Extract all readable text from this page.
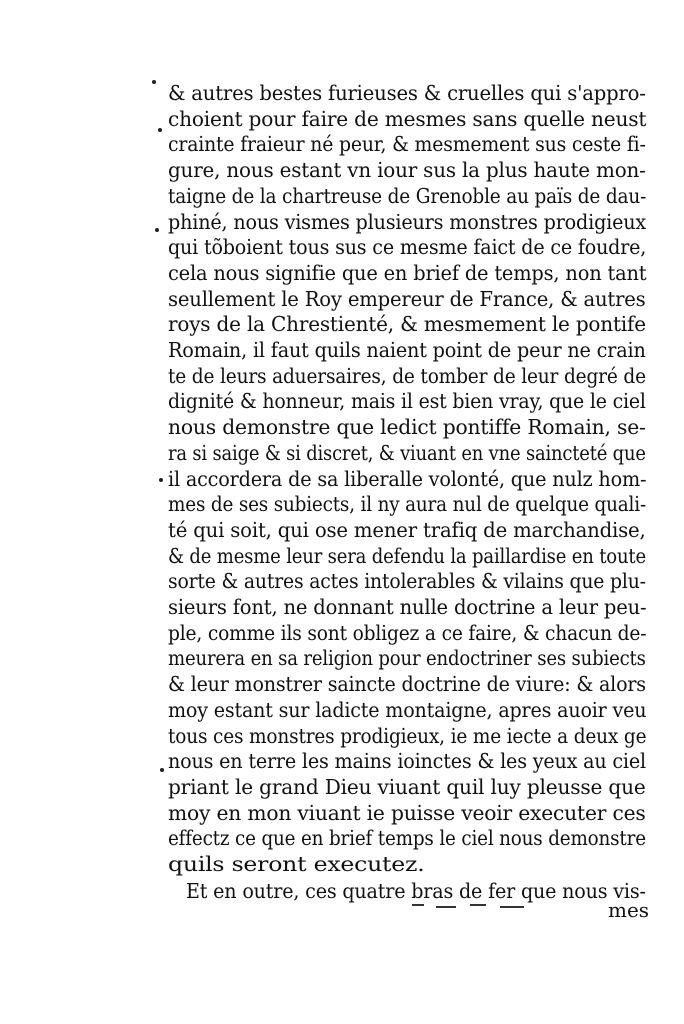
& autres bestes furieuses & cruelles qui s'appro-
choient pour faire de mesmes sans quelle neust
crainte fraieur né peur, & mesmement sus ceste fi-
gure, nous estant vn iour sus la plus haute mon-
taigne de la chartreuse de Grenoble au païs de dau-
phiné, nous vismes plusieurs monstres prodigieux
qui tõboient tous sus ce mesme faict de ce foudre,
cela nous signifie que en brief de temps, non tant
seullement le Roy empereur de France, & autres
roys de la Chrestienté, & mesmement le pontife
Romain, il faut quils naient point de peur ne crain
te de leurs aduersaires, de tomber de leur degré de
dignité & honneur, mais il est bien vray, que le ciel
nous demonstre que ledict pontiffe Romain, se-
ra si saige & si discret, & viuant en vne saincteté que
il accordera de sa liberalle volonté, que nulz hom-
mes de ses subiects, il ny aura nul de quelque quali-
té qui soit, qui ose mener trafiq de marchandise,
& de mesme leur sera defendu la paillardise en toute
sorte & autres actes intolerables & vilains que plu-
sieurs font, ne donnant nulle doctrine a leur peu-
ple, comme ils sont obligez a ce faire, & chacun de-
meurera en sa religion pour endoctriner ses subiects
& leur monstrer saincte doctrine de viure: & alors
moy estant sur ladicte montaigne, apres auoir veu
tous ces monstres prodigieux, ie me iecte a deux ge
nous en terre les mains ioinctes & les yeux au ciel
priant le grand Dieu viuant quil luy pleusse que
moy en mon viuant ie puisse veoir executer ces
effectz ce que en brief temps le ciel nous demonstre
quils seront executez.
Et en outre, ces quatre bras de fer que nous vis-
mes
